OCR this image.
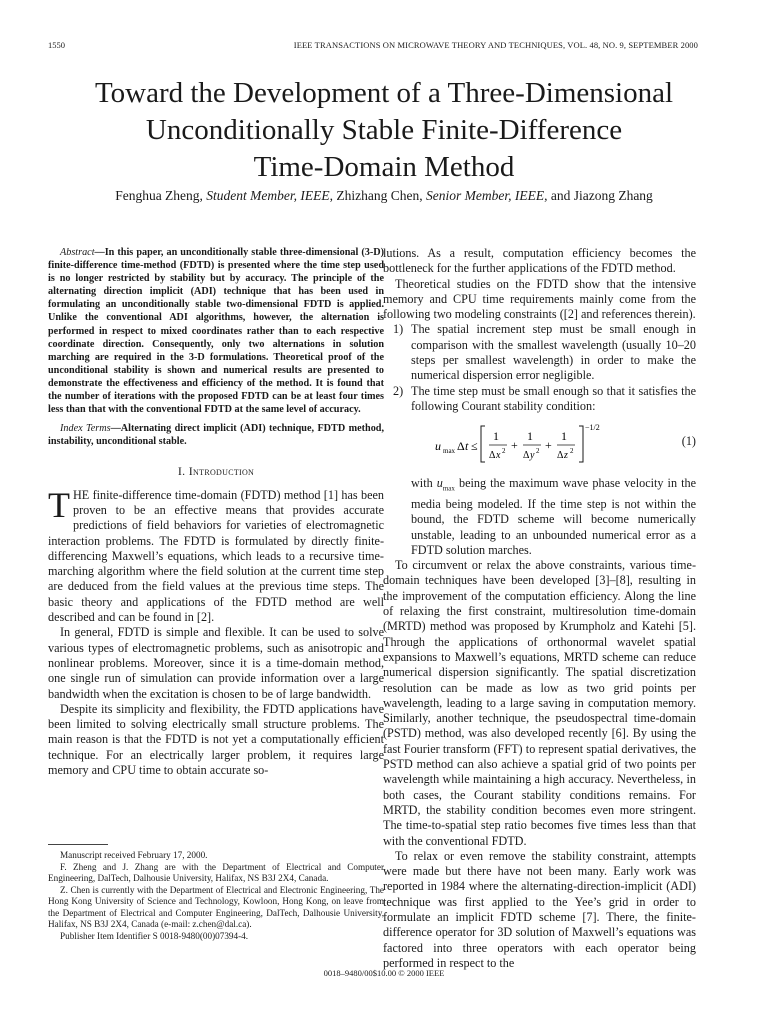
1550	IEEE TRANSACTIONS ON MICROWAVE THEORY AND TECHNIQUES, VOL. 48, NO. 9, SEPTEMBER 2000
Toward the Development of a Three-Dimensional
Unconditionally Stable Finite-Difference
Time-Domain Method
Fenghua Zheng, Student Member, IEEE, Zhizhang Chen, Senior Member, IEEE, and Jiazong Zhang

Abstract—In this paper, an unconditionally stable three-dimensional (3-D) finite-difference time-method (FDTD) is presented where the time step used is no longer restricted by stability but by accuracy. The principle of the alternating direction implicit (ADI) technique that has been used in formulating an unconditionally stable two-dimensional FDTD is applied. Unlike the conventional ADI algorithms, however, the alternation is performed in respect to mixed coordinates rather than to each respective coordinate direction. Consequently, only two alternations in solution marching are required in the 3-D formulations. Theoretical proof of the unconditional stability is shown and numerical results are presented to demonstrate the effectiveness and efficiency of the method. It is found that the number of iterations with the proposed FDTD can be at least four times less than that with the conventional FDTD at the same level of accuracy.

Index Terms—Alternating direct implicit (ADI) technique, FDTD method, instability, unconditional stable.
I. Introduction

THE finite-difference time-domain (FDTD) method [1] has been proven to be an effective means that provides accurate predictions of field behaviors for varieties of electromagnetic interaction problems. The FDTD is formulated by directly finite-differencing Maxwell’s equations, which leads to a recursive time-marching algorithm where the field solution at the current time step are deduced from the field values at the previous time steps. The basic theory and applications of the FDTD method are well described and can be found in [2].

In general, FDTD is simple and flexible. It can be used to solve various types of electromagnetic problems, such as anisotropic and nonlinear problems. Moreover, since it is a time-domain method, one single run of simulation can provide information over a large bandwidth when the excitation is chosen to be of large bandwidth.

Despite its simplicity and flexibility, the FDTD applications have been limited to solving electrically small structure problems. The main reason is that the FDTD is not yet a computationally efficient technique. For an electrically larger problem, it requires large memory and CPU time to obtain accurate so-

Manuscript received February 17, 2000.

F. Zheng and J. Zhang are with the Department of Electrical and Computer Engineering, DalTech, Dalhousie University, Halifax, NS B3J 2X4, Canada.

Z. Chen is currently with the Department of Electrical and Electronic Engineering, The Hong Kong University of Science and Technology, Kowloon, Hong Kong, on leave from the Department of Electrical and Computer Engineering, DalTech, Dalhousie University, Halifax, NS B3J 2X4, Canada (e-mail: z.chen@dal.ca).

Publisher Item Identifier S 0018-9480(00)07394-4.

lutions. As a result, computation efficiency becomes the bottleneck for the further applications of the FDTD method.

Theoretical studies on the FDTD show that the intensive memory and CPU time requirements mainly come from the following two modeling constraints ([2] and references therein).

1) The spatial increment step must be small enough in comparison with the smallest wavelength (usually 10–20 steps per smallest wavelength) in order to make the numerical dispersion error negligible.
2) The time step must be small enough so that it satisfies the following Courant stability condition:
u max Δ t ≤
1
Δ x 2 +
1
Δ y 2 +
1
Δ z 2
−1/2
(1)
with $u_{max}$ being the maximum wave phase velocity in the media being modeled. If the time step is not within the bound, the FDTD scheme will become numerically unstable, leading to an unbounded numerical error as a FDTD solution marches.

To circumvent or relax the above constraints, various time-domain techniques have been developed [3]–[8], resulting in the improvement of the computation efficiency. Along the line of relaxing the first constraint, multiresolution time-domain (MRTD) method was proposed by Krumpholz and Katehi [5]. Through the applications of orthonormal wavelet spatial expansions to Maxwell’s equations, MRTD scheme can reduce numerical dispersion significantly. The spatial discretization resolution can be made as low as two grid points per wavelength, leading to a large saving in computation memory. Similarly, another technique, the pseudospectral time-domain (PSTD) method, was also developed recently [6]. By using the fast Fourier transform (FFT) to represent spatial derivatives, the PSTD method can also achieve a spatial grid of two points per wavelength while maintaining a high accuracy. Nevertheless, in both cases, the Courant stability conditions remains. For MRTD, the stability condition becomes even more stringent. The time-to-spatial step ratio becomes five times less than that with the conventional FDTD.

To relax or even remove the stability constraint, attempts were made but there have not been many. Early work was reported in 1984 where the alternating-direction-implicit (ADI) technique was first applied to the Yee’s grid in order to formulate an implicit FDTD scheme [7]. There, the finite-difference operator for 3D solution of Maxwell’s equations was factored into three operators with each operator being performed in respect to the

0018–9480/00$10.00 © 2000 IEEE
